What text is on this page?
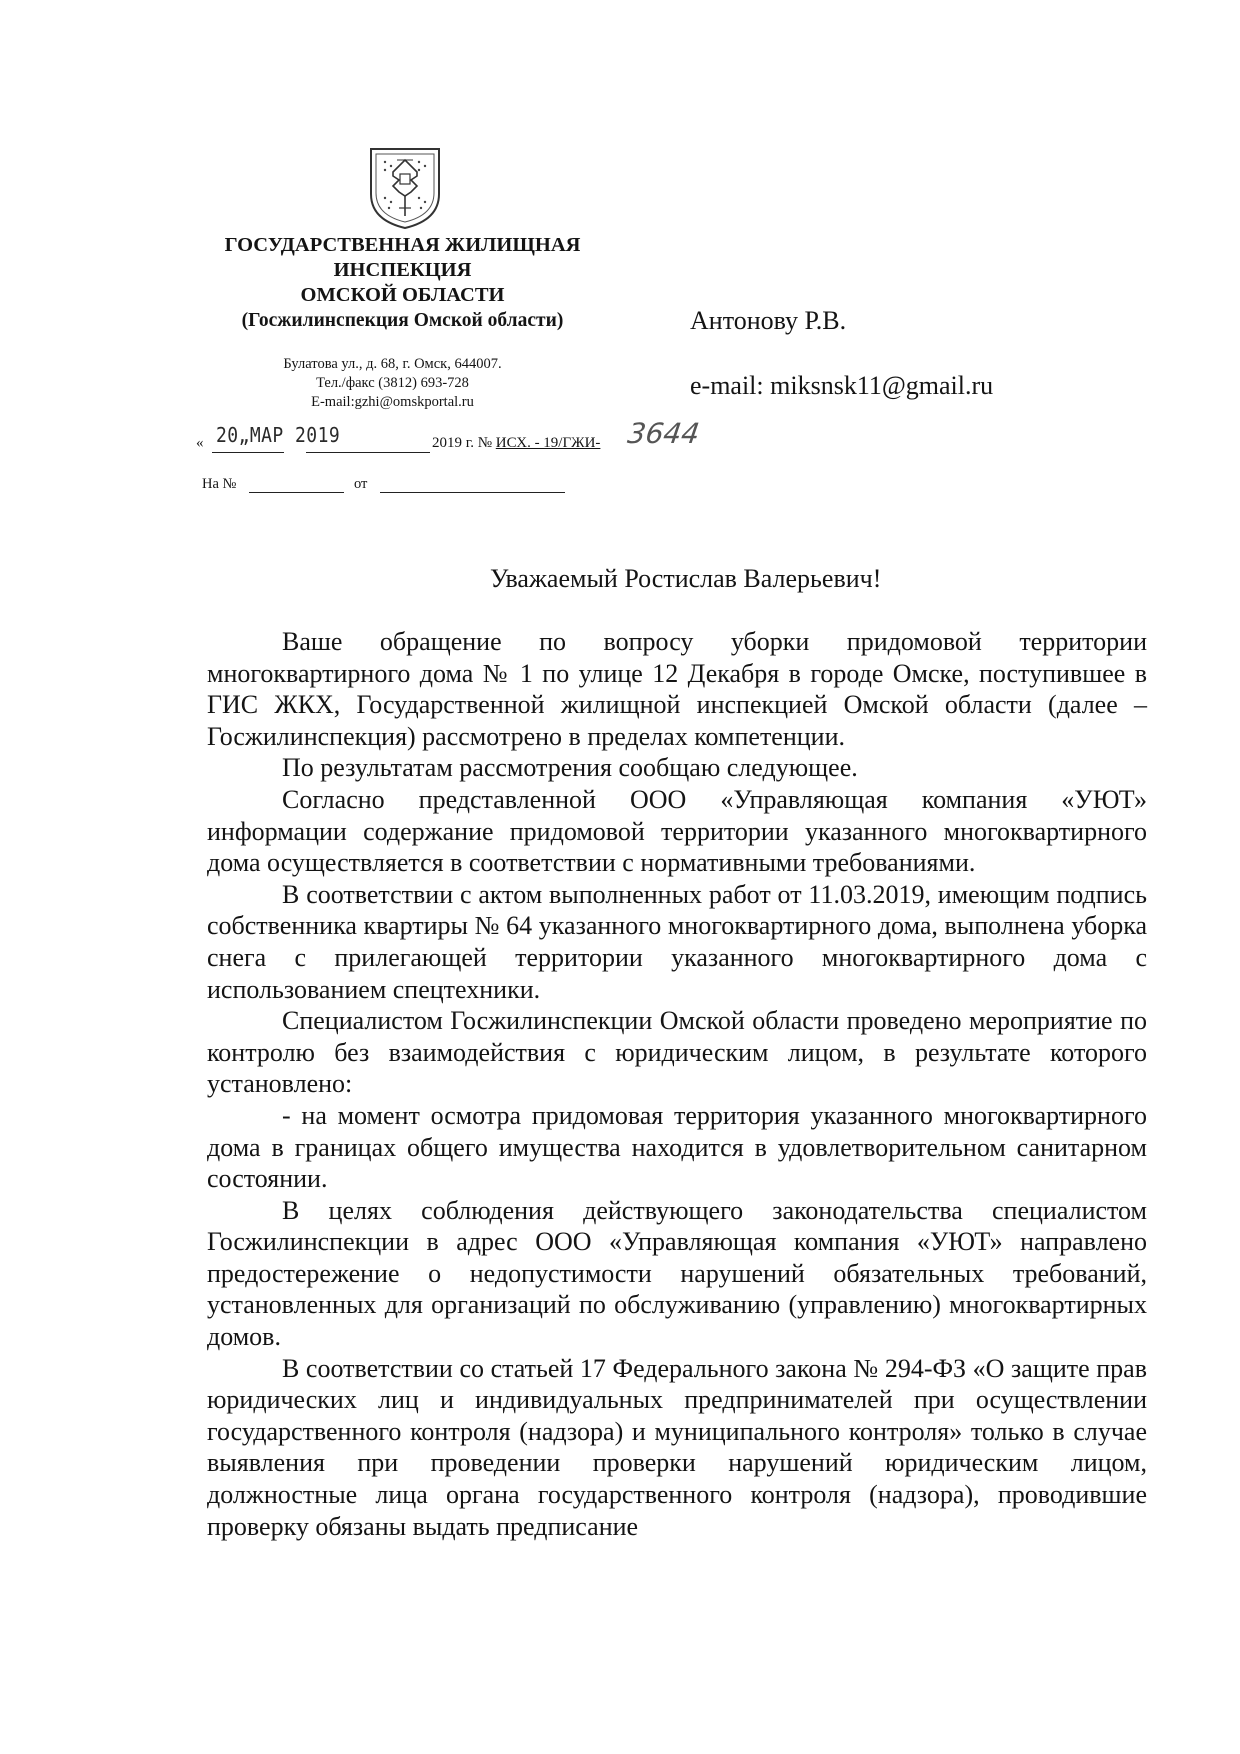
ГОСУДАРСТВЕННАЯ ЖИЛИЩНАЯ
ИНСПЕКЦИЯ
ОМСКОЙ ОБЛАСТИ
(Госжилинспекция Омской области)
Булатова ул., д. 68, г. Омск, 644007.
Тел./факс (3812) 693-728
E-mail:gzhi@omskportal.ru
« 20„MAP 2019	2019 г. № ИСХ. - 19/ГЖИ- 3644
На №	от
Антонову Р.В.
e-mail: miksnsk11@gmail.ru
Уважаемый Ростислав Валерьевич!

Ваше обращение по вопросу уборки придомовой территории многоквартирного дома № 1 по улице 12 Декабря в городе Омске, поступившее в ГИС ЖКХ, Государственной жилищной инспекцией Омской области (далее – Госжилинспекция) рассмотрено в пределах компетенции.

По результатам рассмотрения сообщаю следующее.

Согласно представленной ООО «Управляющая компания «УЮТ» информации содержание придомовой территории указанного многоквартирного дома осуществляется в соответствии с нормативными требованиями.

В соответствии с актом выполненных работ от 11.03.2019, имеющим подпись собственника квартиры № 64 указанного многоквартирного дома, выполнена уборка снега с прилегающей территории указанного многоквартирного дома с использованием спецтехники.

Специалистом Госжилинспекции Омской области проведено мероприятие по контролю без взаимодействия с юридическим лицом, в результате которого установлено:

- на момент осмотра придомовая территория указанного многоквартирного дома в границах общего имущества находится в удовлетворительном санитарном состоянии.

В целях соблюдения действующего законодательства специалистом Госжилинспекции в адрес ООО «Управляющая компания «УЮТ» направлено предостережение о недопустимости нарушений обязательных требований, установленных для организаций по обслуживанию (управлению) многоквартирных домов.

В соответствии со статьей 17 Федерального закона № 294-ФЗ «О защите прав юридических лиц и индивидуальных предпринимателей при осуществлении государственного контроля (надзора) и муниципального контроля» только в случае выявления при проведении проверки нарушений юридическим лицом, должностные лица органа государственного контроля (надзора), проводившие проверку обязаны выдать предписание
